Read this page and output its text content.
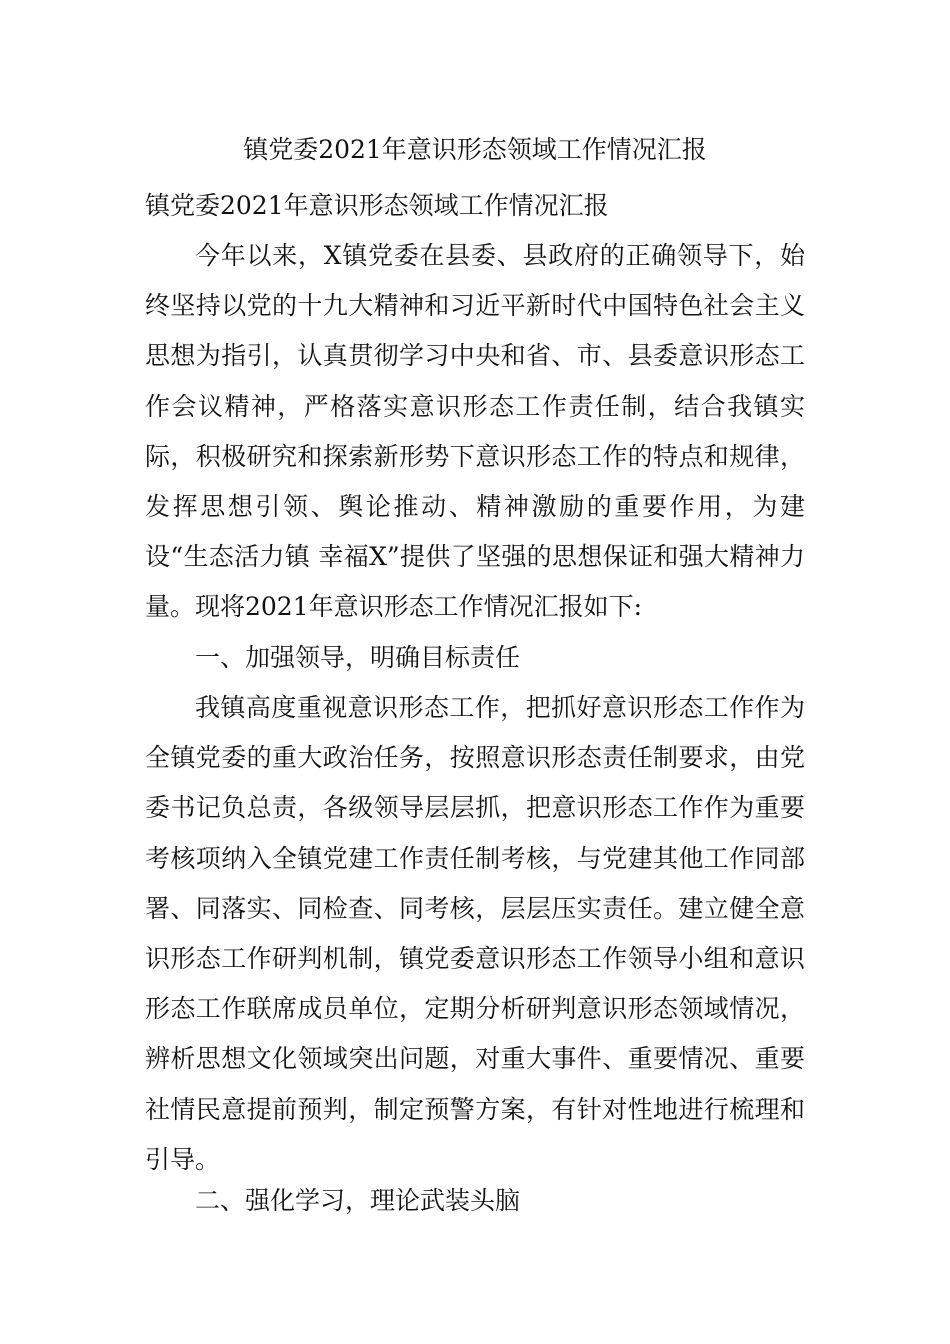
镇党委2021年意识形态领域工作情况汇报

镇党委2021年意识形态领域工作情况汇报

今年以来，X镇党委在县委、县政府的正确领导下，始终坚持以党的十九大精神和习近平新时代中国特色社会主义思想为指引，认真贯彻学习中央和省、市、县委意识形态工作会议精神，严格落实意识形态工作责任制，结合我镇实际，积极研究和探索新形势下意识形态工作的特点和规律，发挥思想引领、舆论推动、精神激励的重要作用，为建设“生态活力镇 幸福X”提供了坚强的思想保证和强大精神力量。现将2021年意识形态工作情况汇报如下:

一、加强领导，明确目标责任

我镇高度重视意识形态工作，把抓好意识形态工作作为全镇党委的重大政治任务，按照意识形态责任制要求，由党委书记负总责，各级领导层层抓，把意识形态工作作为重要考核项纳入全镇党建工作责任制考核，与党建其他工作同部署、同落实、同检查、同考核，层层压实责任。建立健全意识形态工作研判机制，镇党委意识形态工作领导小组和意识形态工作联席成员单位，定期分析研判意识形态领域情况，辨析思想文化领域突出问题，对重大事件、重要情况、重要社情民意提前预判，制定预警方案，有针对性地进行梳理和引导。

二、强化学习，理论武装头脑
